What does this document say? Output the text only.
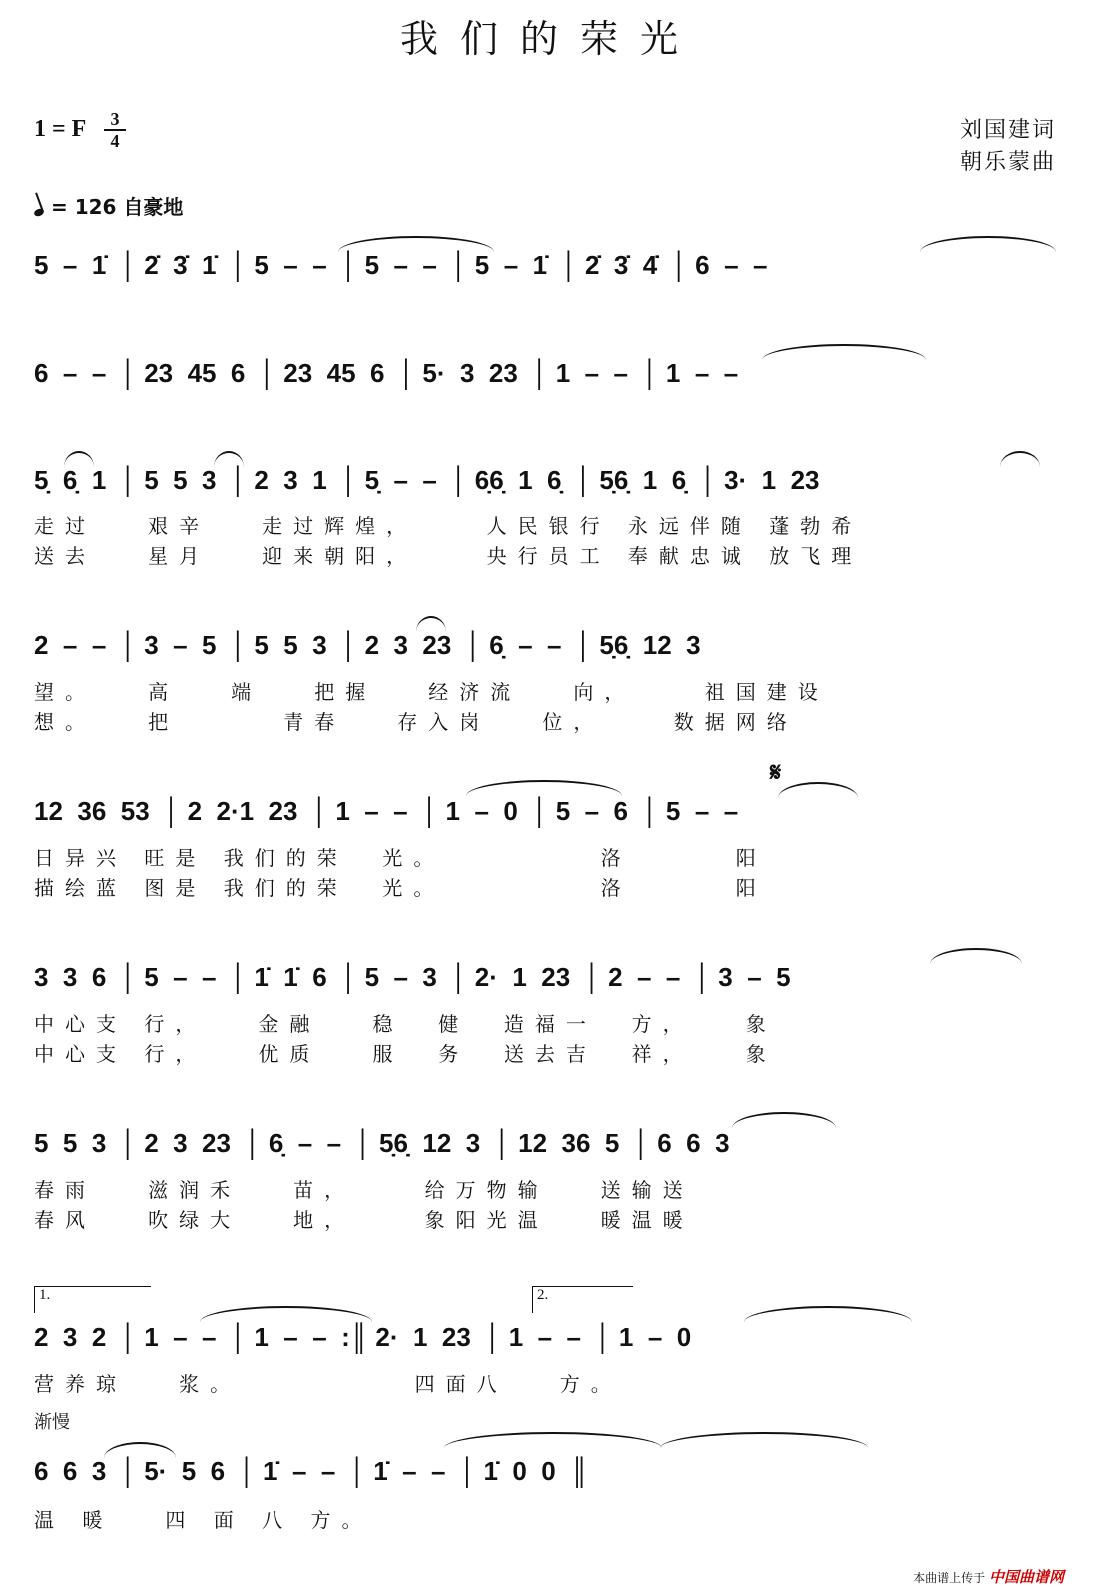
我们的荣光
1 = F	3
4	刘国建词
朝乐蒙曲
= 126 自豪地
5  –  1̇  │ 2̇  3̇  1̇  │ 5  –  –  │ 5  –  –  │ 5  –  1̇  │ 2̇  3̇  4̇  │ 6  –  –
6  –  –  │ 23  45  6  │ 23  45  6  │ 5·  3  23  │ 1  –  –  │ 1  –  –
5̣  6̣  1  │ 5  5  3  │ 2  3  1  │ 5̣  –  –  │ 6̣6̣  1  6̣  │ 5̣6̣  1  6̣  │ 3·  1  23
走过   艰辛   走过辉煌，    人民银行 永远伴随 蓬勃希
送去   星月   迎来朝阳，    央行员工 奉献忠诚 放飞理
2  –  –  │ 3  –  5  │ 5  5  3  │ 2  3  23  │ 6̣  –  –  │ 5̣6̣  12  3
望。   高   端   把握   经济流   向，    祖国建设
想。   把      青春   存入岗   位，    数据网络
𝄋
12  36  53  │ 2  2·1  23  │ 1  –  –  │ 1  –  0  │ 5  –  6  │ 5  –  –
日异兴 旺是 我们的荣  光。         洛      阳
描绘蓝 图是 我们的荣  光。         洛      阳
3  3  6  │ 5  –  –  │ 1̇  1̇  6  │ 5  –  3  │ 2·  1  23  │ 2  –  –  │ 3  –  5
中心支 行，   金融   稳  健  造福一  方，   象
中心支 行，   优质   服  务  送去吉  祥，   象
5  5  3  │ 2  3  23  │ 6̣  –  –  │ 5̣6̣  12  3  │ 12  36  5  │ 6  6  3
春雨   滋润禾   苗，    给万物输   送输送
春风   吹绿大   地，    象阳光温   暖温暖
1.	2.
2  3  2  │ 1  –  –  │ 1  –  –  :║ 2·  1  23  │ 1  –  –  │ 1  –  0
营养琼   浆。          四面八   方。
渐慢
6  6  3  │ 5·  5  6  │ 1̇  –  –  │ 1̇  –  –  │ 1̇  0  0  ║
温 暖   四 面 八 方。
本曲谱上传于 中国曲谱网
